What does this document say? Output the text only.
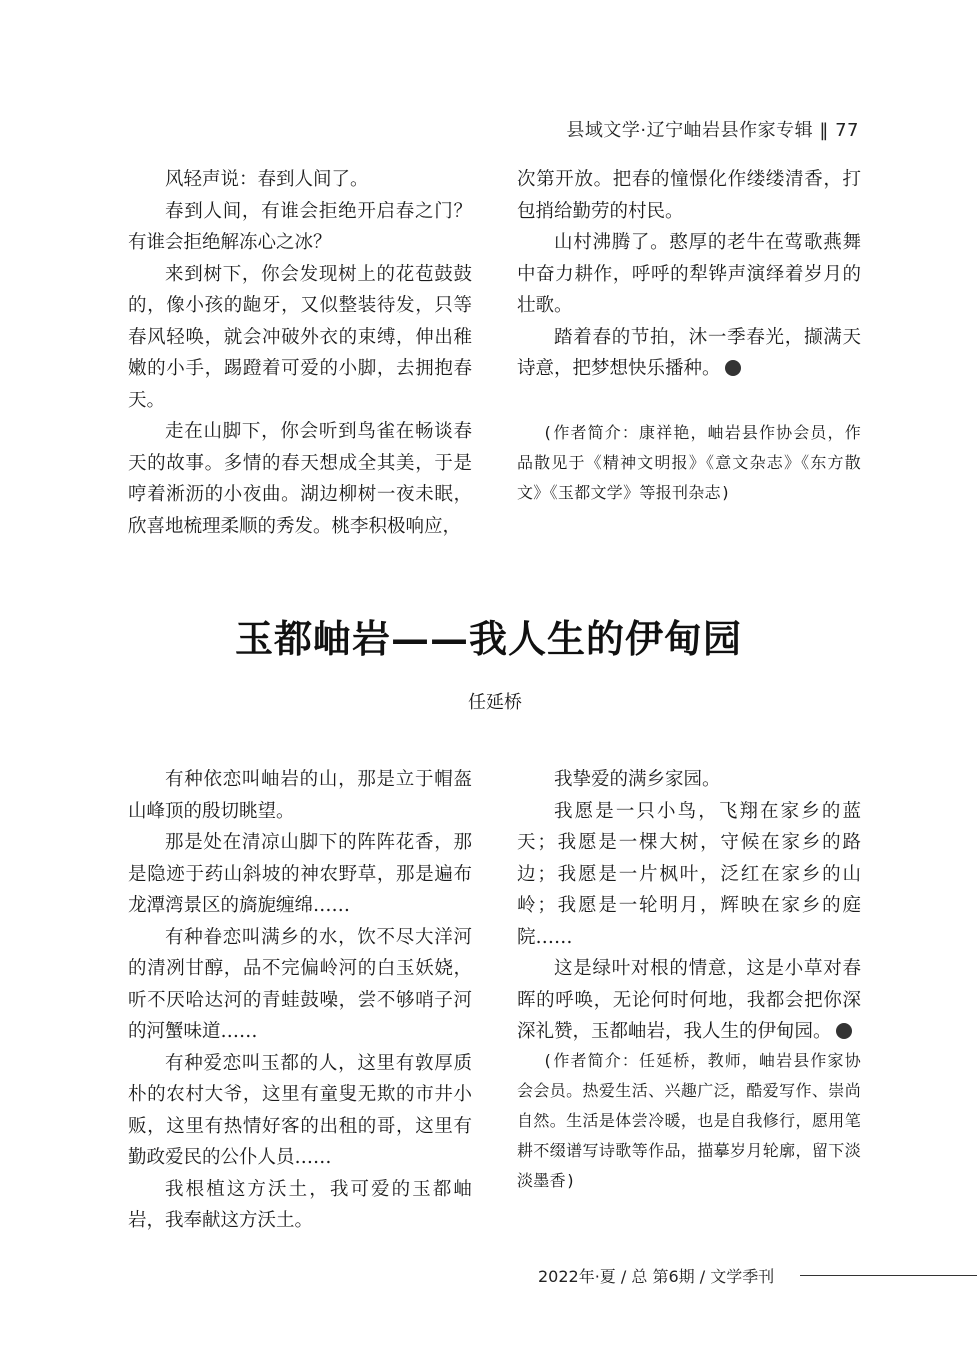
县域文学·辽宁岫岩县作家专辑 ‖ 77

风轻声说：春到人间了。

春到人间，有谁会拒绝开启春之门？有谁会拒绝解冻心之冰？

来到树下，你会发现树上的花苞鼓鼓的，像小孩的龅牙，又似整装待发，只等春风轻唤，就会冲破外衣的束缚，伸出稚嫩的小手，踢蹬着可爱的小脚，去拥抱春天。

走在山脚下，你会听到鸟雀在畅谈春天的故事。多情的春天想成全其美，于是哼着淅沥的小夜曲。湖边柳树一夜未眠，欣喜地梳理柔顺的秀发。桃李积极响应，

次第开放。把春的憧憬化作缕缕清香，打包捎给勤劳的村民。

山村沸腾了。憨厚的老牛在莺歌燕舞中奋力耕作，呼呼的犁铧声演绎着岁月的壮歌。

踏着春的节拍，沐一季春光，撷满天诗意，把梦想快乐播种。

(作者简介：康祥艳，岫岩县作协会员，作品散见于《精神文明报》《意文杂志》《东方散文》《玉都文学》等报刊杂志)
玉都岫岩——我人生的伊甸园
任延桥

有种依恋叫岫岩的山，那是立于帽盔山峰顶的殷切眺望。

那是处在清凉山脚下的阵阵花香，那是隐迹于药山斜坡的神农野草，那是遍布龙潭湾景区的旖旎缠绵……

有种眷恋叫满乡的水，饮不尽大洋河的清冽甘醇，品不完偏岭河的白玉妖娆，听不厌哈达河的青蛙鼓噪，尝不够哨子河的河蟹味道……

有种爱恋叫玉都的人，这里有敦厚质朴的农村大爷，这里有童叟无欺的市井小贩，这里有热情好客的出租的哥，这里有勤政爱民的公仆人员……

我根植这方沃土，我可爱的玉都岫岩，我奉献这方沃土。

我挚爱的满乡家园。

我愿是一只小鸟，飞翔在家乡的蓝天；我愿是一棵大树，守候在家乡的路边；我愿是一片枫叶，泛红在家乡的山岭；我愿是一轮明月，辉映在家乡的庭院……

这是绿叶对根的情意，这是小草对春晖的呼唤，无论何时何地，我都会把你深深礼赞，玉都岫岩，我人生的伊甸园。

(作者简介：任延桥，教师，岫岩县作家协会会员。热爱生活、兴趣广泛，酷爱写作、崇尚自然。生活是体尝冷暖，也是自我修行，愿用笔耕不缀谱写诗歌等作品，描摹岁月轮廓，留下淡淡墨香)
2022年·夏 / 总 第6期 / 文学季刊
